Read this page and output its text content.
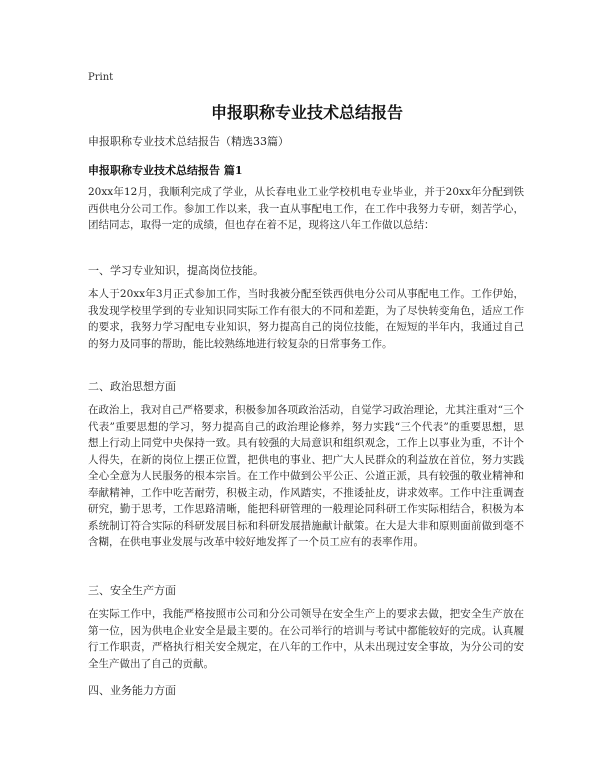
Print
申报职称专业技术总结报告
申报职称专业技术总结报告（精选33篇）
申报职称专业技术总结报告 篇1

20xx年12月，我顺利完成了学业，从长春电业工业学校机电专业毕业，并于20xx年分配到铁西供电分公司工作。参加工作以来，我一直从事配电工作，在工作中我努力专研，刻苦学心，团结同志，取得一定的成绩，但也存在着不足，现将这八年工作做以总结：

一、学习专业知识，提高岗位技能。

本人于20xx年3月正式参加工作，当时我被分配至铁西供电分公司从事配电工作。工作伊始，我发现学校里学到的专业知识同实际工作有很大的不同和差距，为了尽快转变角色，适应工作的要求，我努力学习配电专业知识，努力提高自己的岗位技能，在短短的半年内，我通过自己的努力及同事的帮助，能比较熟练地进行较复杂的日常事务工作。

二、政治思想方面

在政治上，我对自己严格要求，积极参加各项政治活动，自觉学习政治理论，尤其注重对“三个代表”重要思想的学习，努力提高自己的政治理论修养，努力实践“三个代表”的重要思想，思想上行动上同党中央保持一致。具有较强的大局意识和组织观念，工作上以事业为重，不计个人得失，在新的岗位上摆正位置，把供电的事业、把广大人民群众的利益放在首位，努力实践全心全意为人民服务的根本宗旨。在工作中做到公平公正、公道正派，具有较强的敬业精神和奉献精神，工作中吃苦耐劳，积极主动，作风踏实，不推诿扯皮，讲求效率。工作中注重调查研究，勤于思考，工作思路清晰，能把科研管理的一般理论同科研工作实际相结合，积极为本系统制订符合实际的科研发展目标和科研发展措施献计献策。在大是大非和原则面前做到毫不含糊，在供电事业发展与改革中较好地发挥了一个员工应有的表率作用。

三、安全生产方面

在实际工作中，我能严格按照市公司和分公司领导在安全生产上的要求去做，把安全生产放在第一位，因为供电企业安全是最主要的。在公司举行的培训与考试中都能较好的完成。认真履行工作职责，严格执行相关安全规定，在八年的工作中，从未出现过安全事故，为分公司的安全生产做出了自己的贡献。

四、业务能力方面
